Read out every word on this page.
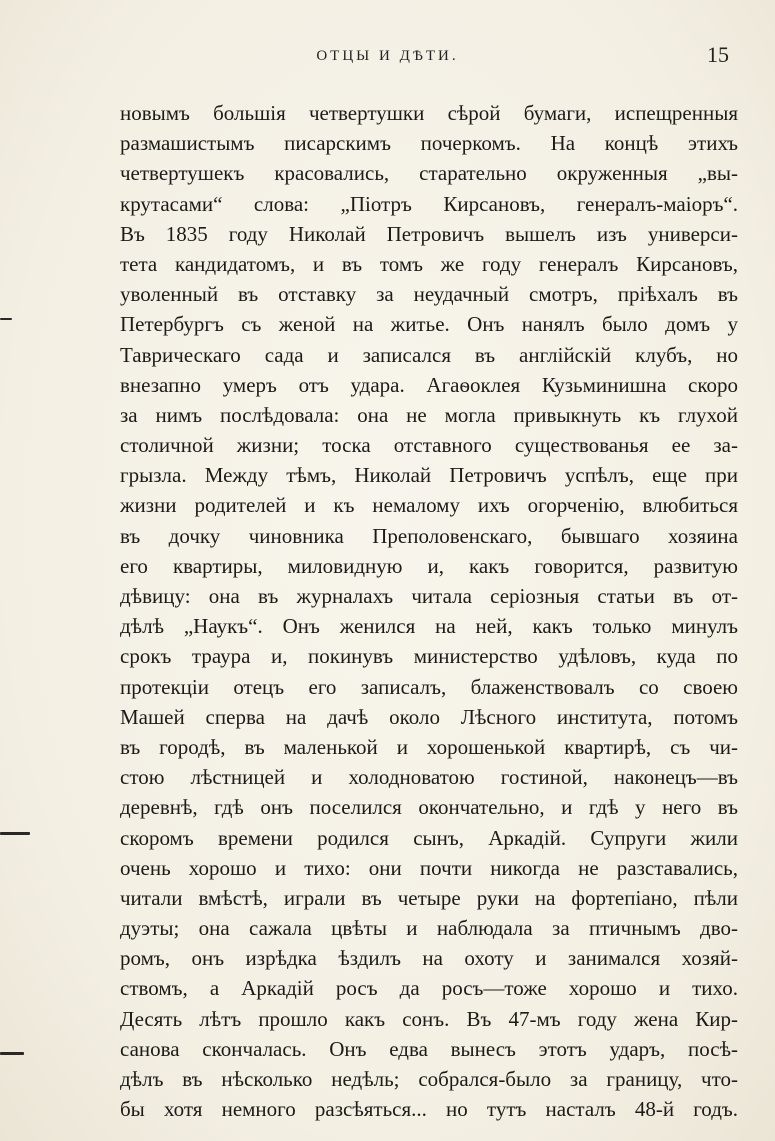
ОТЦЫ И ДѢТИ.	15
новымъ большія четвертушки сѣрой бумаги, испещренныя
размашистымъ писарскимъ почеркомъ. На концѣ этихъ
четвертушекъ красовались, старательно окруженныя „вы-
крутасами“ слова: „Піотръ Кирсановъ, генералъ-маіоръ“.
Въ 1835 году Николай Петровичъ вышелъ изъ универси-
тета кандидатомъ, и въ томъ же году генералъ Кирсановъ,
уволенный въ отставку за неудачный смотръ, пріѣхалъ въ
Петербургъ съ женой на житье. Онъ нанялъ было домъ у
Таврическаго сада и записался въ англійскій клубъ, но
внезапно умеръ отъ удара. Агаѳоклея Кузьминишна скоро
за нимъ послѣдовала: она не могла привыкнуть къ глухой
столичной жизни; тоска отставного существованья ее за-
грызла. Между тѣмъ, Николай Петровичъ успѣлъ, еще при
жизни родителей и къ немалому ихъ огорченію, влюбиться
въ дочку чиновника Преполовенскаго, бывшаго хозяина
его квартиры, миловидную и, какъ говорится, развитую
дѣвицу: она въ журналахъ читала серіозныя статьи въ от-
дѣлѣ „Наукъ“. Онъ женился на ней, какъ только минулъ
срокъ траура и, покинувъ министерство удѣловъ, куда по
протекціи отецъ его записалъ, блаженствовалъ со своею
Машей сперва на дачѣ около Лѣсного института, потомъ
въ городѣ, въ маленькой и хорошенькой квартирѣ, съ чи-
стою лѣстницей и холодноватою гостиной, наконецъ—въ
деревнѣ, гдѣ онъ поселился окончательно, и гдѣ у него въ
скоромъ времени родился сынъ, Аркадій. Супруги жили
очень хорошо и тихо: они почти никогда не разставались,
читали вмѣстѣ, играли въ четыре руки на фортепіано, пѣли
дуэты; она сажала цвѣты и наблюдала за птичнымъ дво-
ромъ, онъ изрѣдка ѣздилъ на охоту и занимался хозяй-
ствомъ, а Аркадій росъ да росъ—тоже хорошо и тихо.
Десять лѣтъ прошло какъ сонъ. Въ 47-мъ году жена Кир-
санова скончалась. Онъ едва вынесъ этотъ ударъ, посѣ-
дѣлъ въ нѣсколько недѣль; собрался-было за границу, что-
бы хотя немного разсѣяться... но тутъ насталъ 48-й годъ.
